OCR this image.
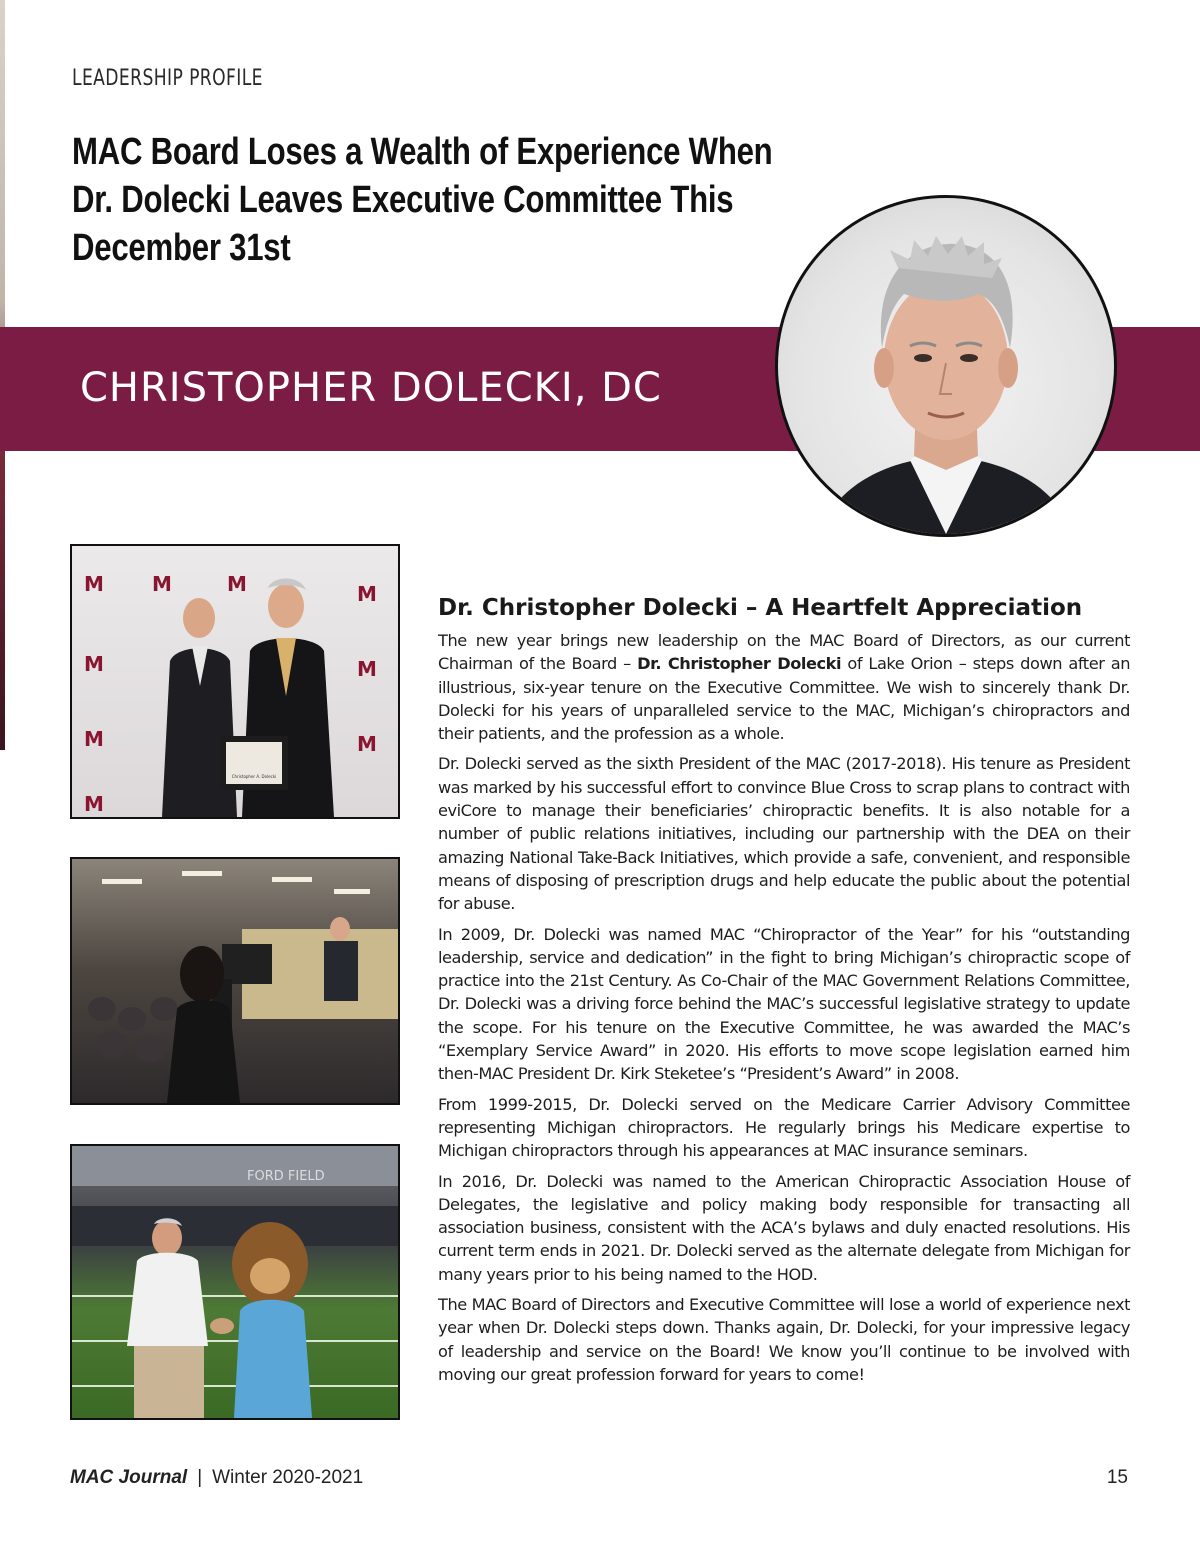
LEADERSHIP PROFILE
MAC Board Loses a Wealth of Experience When
Dr. Dolecki Leaves Executive Committee This
December 31st
CHRISTOPHER DOLECKI, DC
M M	M	M
M	M
M	M
M
Christopher A. Dolecki
FORD FIELD
Dr. Christopher Dolecki – A Heartfelt Appreciation

The new year brings new leadership on the MAC Board of Directors, as our current Chairman of the Board – Dr. Christopher Dolecki of Lake Orion – steps down after an illustrious, six-year tenure on the Executive Committee. We wish to sincerely thank Dr. Dolecki for his years of unparalleled service to the MAC, Michigan’s chiropractors and their patients, and the profession as a whole.

Dr. Dolecki served as the sixth President of the MAC (2017-2018). His tenure as President was marked by his successful effort to convince Blue Cross to scrap plans to contract with eviCore to manage their beneficiaries’ chiropractic benefits. It is also notable for a number of public relations initiatives, including our partnership with the DEA on their amazing National Take-Back Initiatives, which provide a safe, convenient, and responsible means of disposing of prescription drugs and help educate the public about the potential for abuse.

In 2009, Dr. Dolecki was named MAC “Chiropractor of the Year” for his “outstanding leadership, service and dedication” in the fight to bring Michigan’s chiropractic scope of practice into the 21st Century. As Co-Chair of the MAC Government Relations Committee, Dr. Dolecki was a driving force behind the MAC’s successful legislative strategy to update the scope. For his tenure on the Executive Committee, he was awarded the MAC’s “Exemplary Service Award” in 2020. His efforts to move scope legislation earned him then-MAC President Dr. Kirk Steketee’s “President’s Award” in 2008.

From 1999-2015, Dr. Dolecki served on the Medicare Carrier Advisory Committee representing Michigan chiropractors. He regularly brings his Medicare expertise to Michigan chiropractors through his appearances at MAC insurance seminars.

In 2016, Dr. Dolecki was named to the American Chiropractic Association House of Delegates, the legislative and policy making body responsible for transacting all association business, consistent with the ACA’s bylaws and duly enacted resolutions. His current term ends in 2021. Dr. Dolecki served as the alternate delegate from Michigan for many years prior to his being named to the HOD.

The MAC Board of Directors and Executive Committee will lose a world of experience next year when Dr. Dolecki steps down. Thanks again, Dr. Dolecki, for your impressive legacy of leadership and service on the Board! We know you’ll continue to be involved with moving our great profession forward for years to come!

MAC Journal | Winter 2020-2021	15
